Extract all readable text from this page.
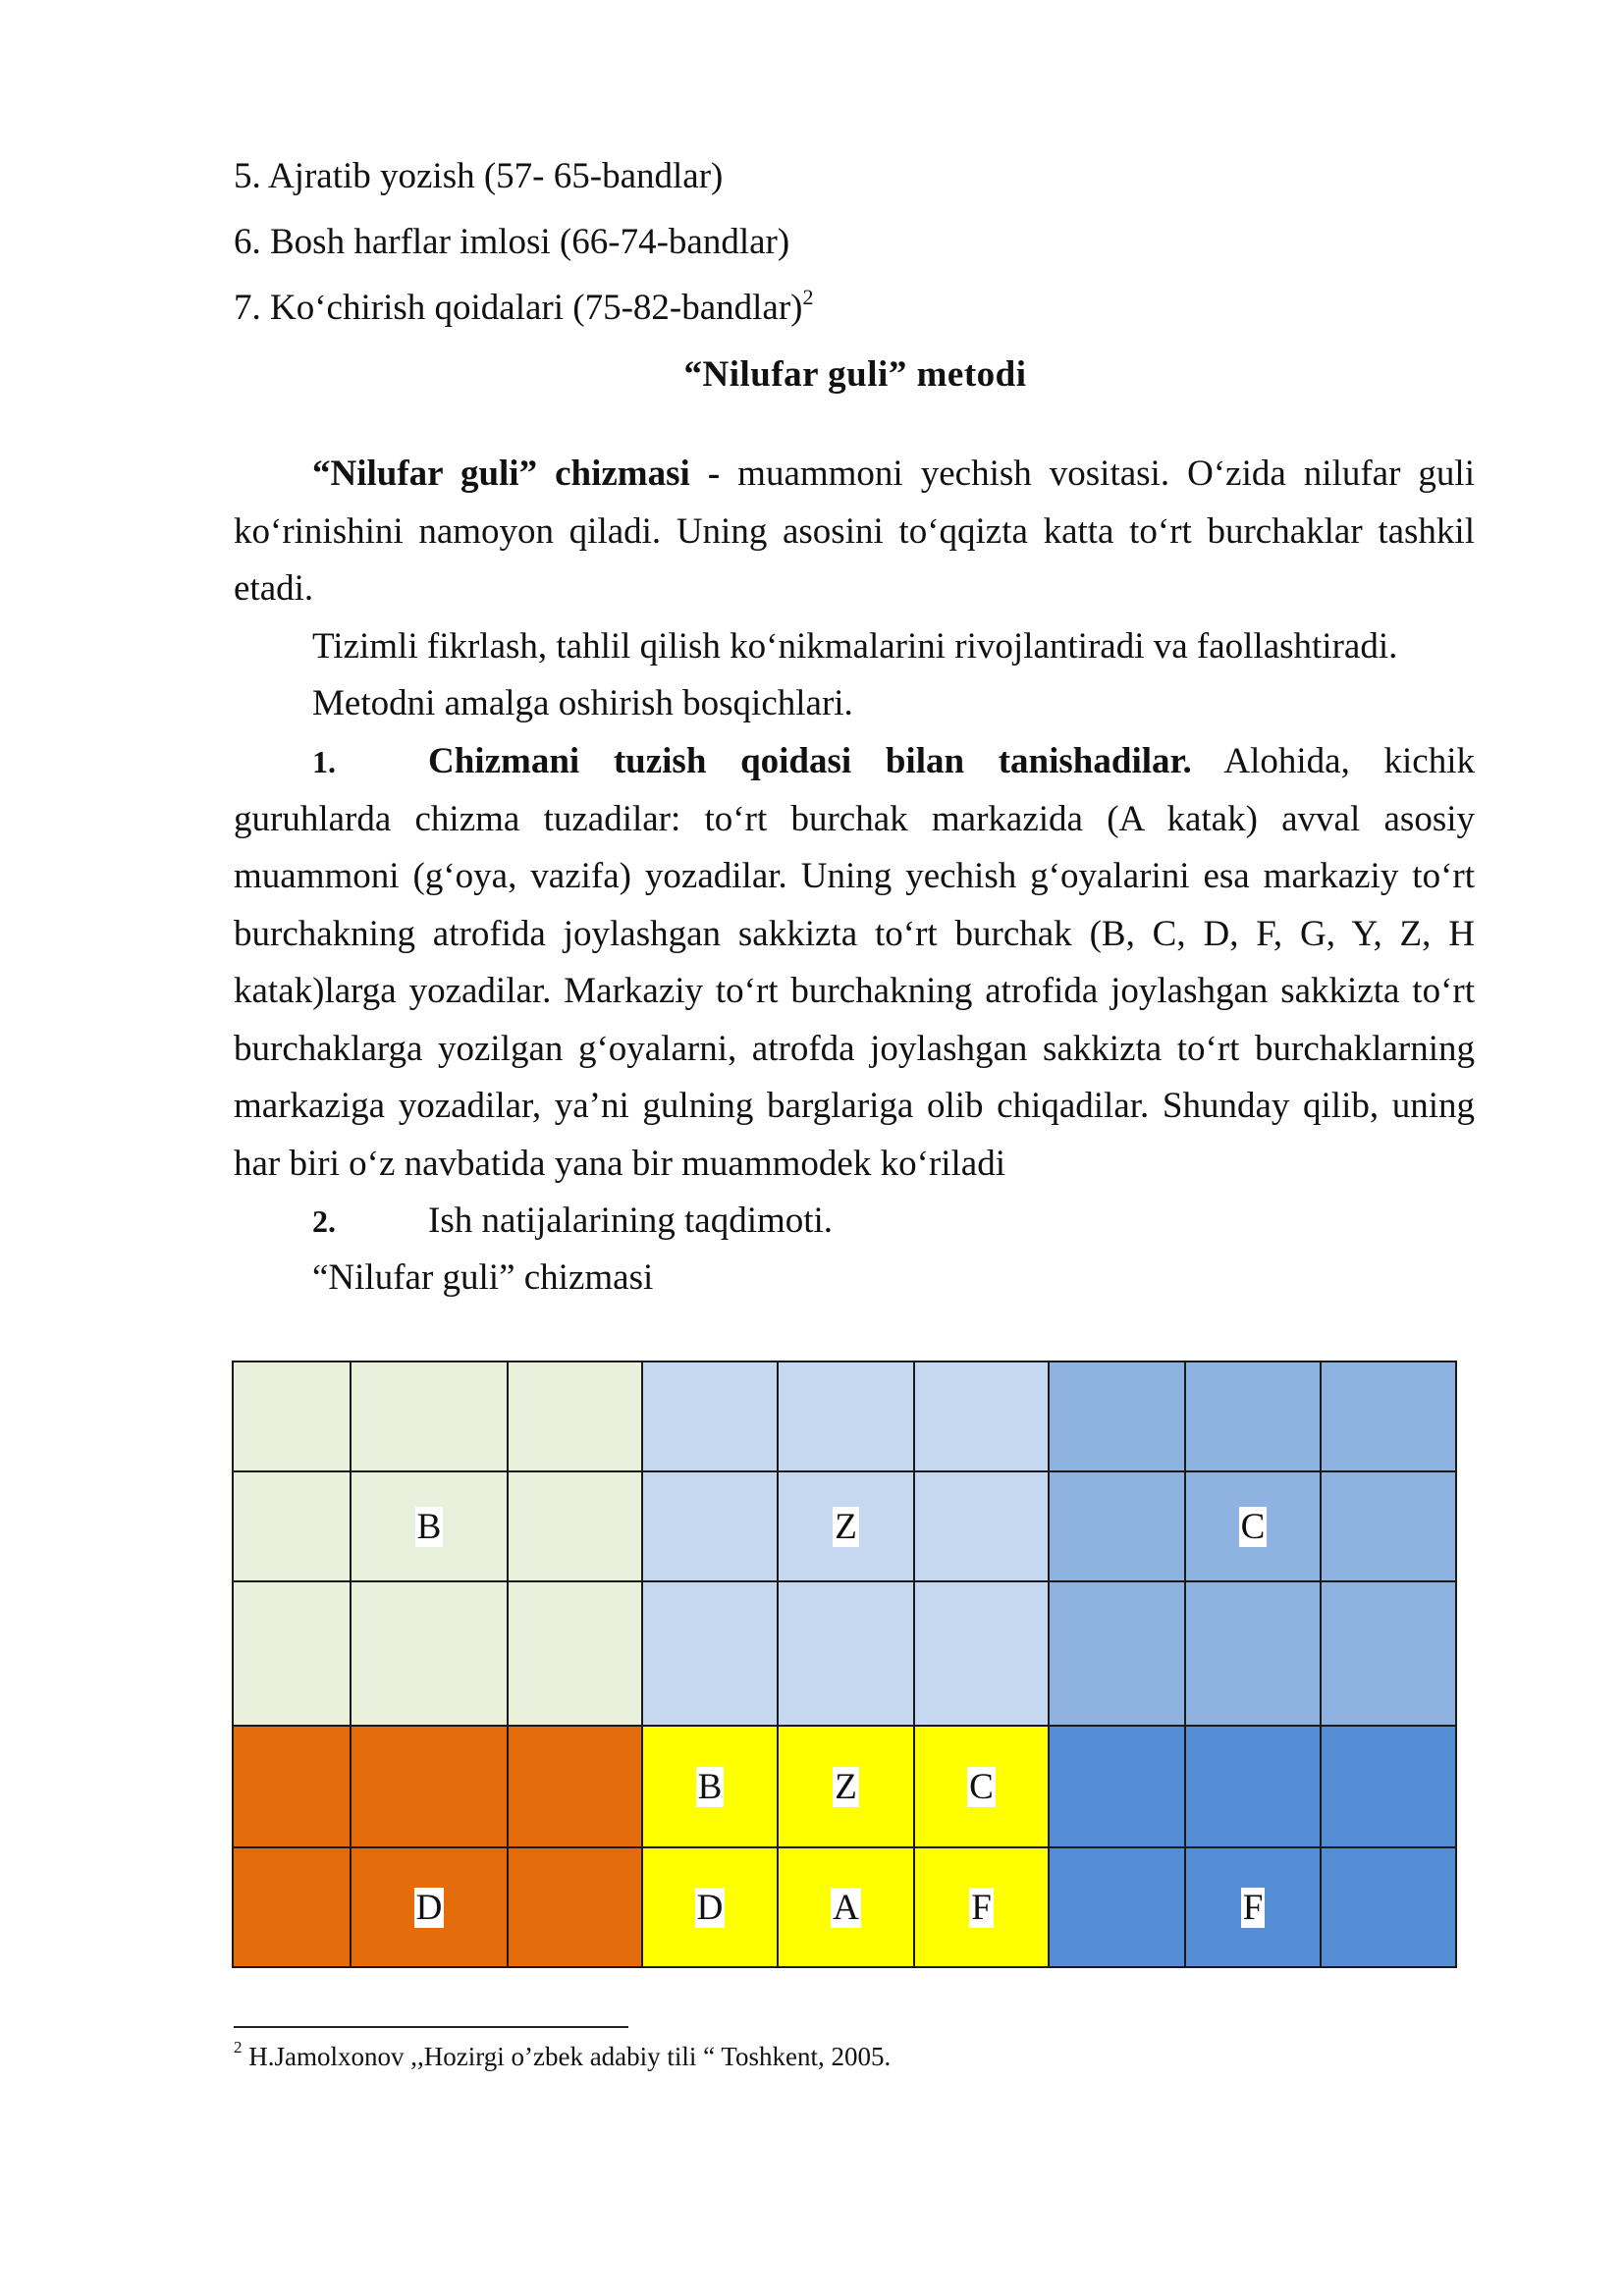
5. Ajratib yozish (57- 65-bandlar)
6. Bosh harflar imlosi (66-74-bandlar)
7. Ko‘chirish qoidalari (75-82-bandlar)$^2$
“Nilufar guli” metodi

“Nilufar guli” chizmasi - muammoni yechish vositasi. O‘zida nilufar guli ko‘rinishini namoyon qiladi. Uning asosini to‘qqizta katta to‘rt burchaklar tashkil etadi.

Tizimli fikrlash, tahlil qilish ko‘nikmalarini rivojlantiradi va faollashtiradi.

Metodni amalga oshirish bosqichlari.

1.	Chizmani tuzish qoidasi bilan tanishadilar. Alohida, kichik guruhlarda chizma tuzadilar: to‘rt burchak markazida (A katak) avval asosiy muammoni (g‘oya, vazifa) yozadilar. Uning yechish g‘oyalarini esa markaziy to‘rt burchakning atrofida joylashgan sakkizta to‘rt burchak (B, C, D, F, G, Y, Z, H katak)larga yozadilar. Markaziy to‘rt burchakning atrofida joylashgan sakkizta to‘rt burchaklarga yozilgan g‘oyalarni, atrofda joylashgan sakkizta to‘rt burchaklarning markaziga yozadilar, ya’ni gulning barglariga olib chiqadilar. Shunday qilib, uning har biri o‘z navbatida yana bir muammodek ko‘riladi

2.	Ish natijalarining taqdimoti.
“Nilufar guli” chizmasi

	B			Z			C	

			B	Z	C			
	D		D	A	F		F	
$^2$ H.Jamolxonov ,,Hozirgi o’zbek adabiy tili “ Toshkent, 2005.
